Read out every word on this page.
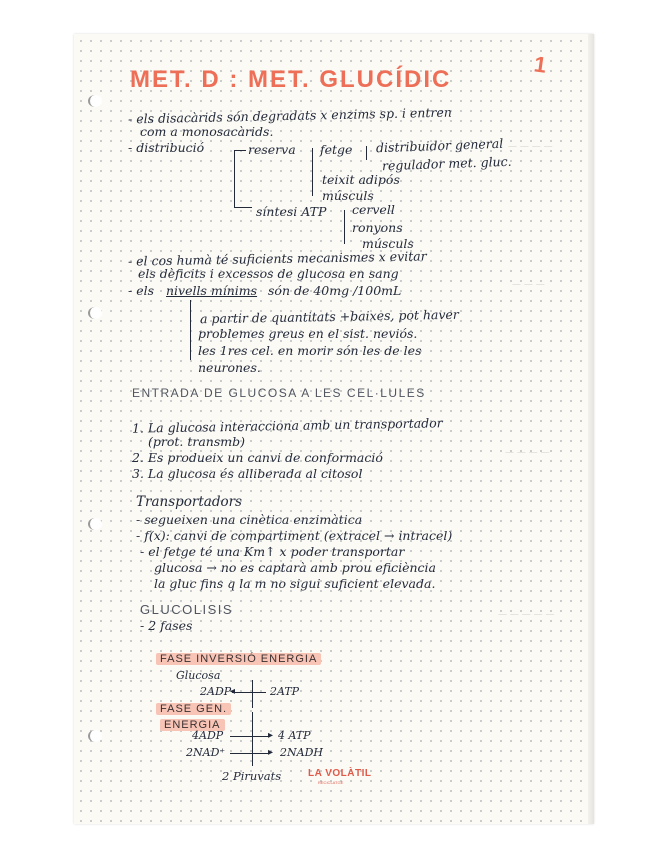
— — — —
— — —
— — — —
— — — — —
MET. D : MET. GLUCÍDIC
1
- els disacàrids són degradats x enzims sp. i entren
com a monosacàrids.
- distribució	reserva fetge distribuidor general
regulador met. gluc.
teixit adipós
músculs
síntesi ATP cervell
ronyons
músculs
- el cos humà té suficients mecanismes x evitar
els dèficits i excessos de glucosa en sang
- els nivells mínims són de 40mg /100mL
a partir de quantitats +baixes, pot haver
problemes greus en el sist. neviós.
les 1res cel. en morir són les de les
neurones.
ENTRADA DE GLUCOSA A LES CEL·LULES
1. La glucosa interacciona amb un transportador
(prot. transmb)
2. Es produeix un canvi de conformació
3. La glucosa és alliberada al citosol
Transportadors
- segueixen una cinètica enzimàtica
- f(x): canvi de compartiment (extracel → intracel)
- el fetge té una Km↑ x poder transportar
glucosa → no es captarà amb prou eficiència
la gluc fins q la m no sigui suficient elevada.
GLUCOLISIS
- 2 fases
FASE INVERSIÓ ENERGIA
Glucosa
2ADP
◂	2ATP
FASE GEN.
ENERGIA
4ADP	▸ 4 ATP
2NAD⁺	▸ 2NADH
2 Piruvats	LA VOLÀTIL
RECICLATGE
